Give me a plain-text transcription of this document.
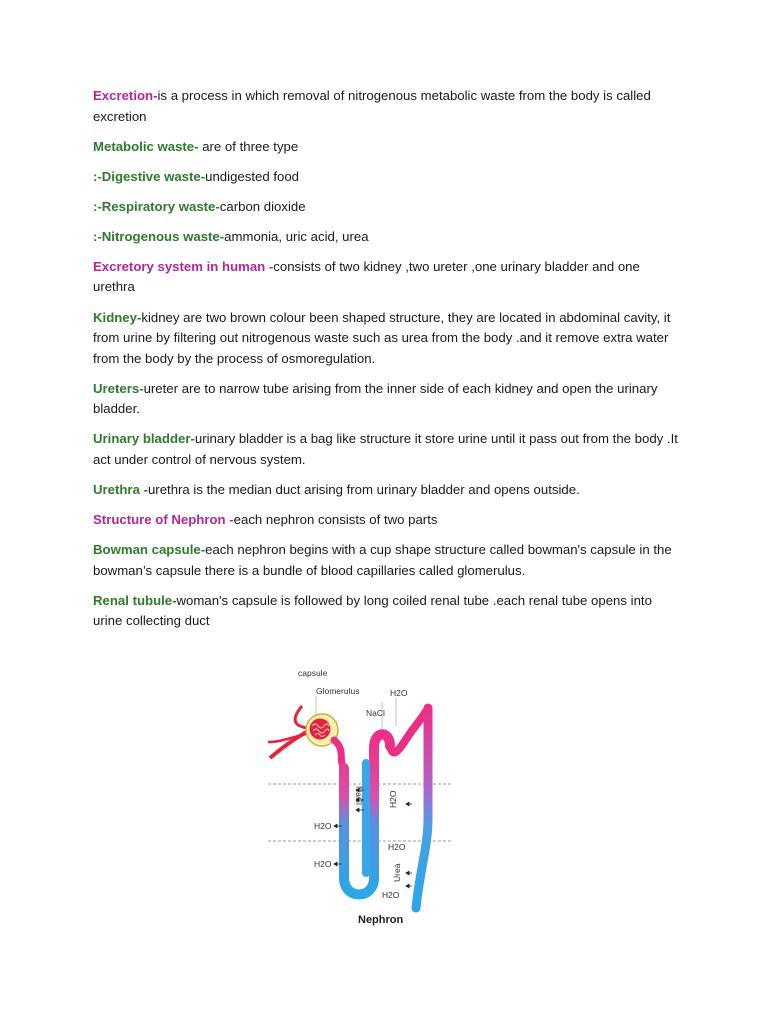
Excretion-is a process in which removal of nitrogenous metabolic waste from the body is called excretion

Metabolic waste- are of three type

:-Digestive waste-undigested food

:-Respiratory waste-carbon dioxide

:-Nitrogenous waste-ammonia, uric acid, urea

Excretory system in human -consists of two kidney ,two ureter ,one urinary bladder and one urethra

Kidney-kidney are two brown colour been shaped structure, they are located in abdominal cavity, it from urine by filtering out nitrogenous waste such as urea from the body .and it remove extra water from the body by the process of osmoregulation.

Ureters-ureter are to narrow tube arising from the inner side of each kidney and open the urinary bladder.

Urinary bladder-urinary bladder is a bag like structure it store urine until it pass out from the body .It act under control of nervous system.

Urethra -urethra is the median duct arising from urinary bladder and opens outside.

Structure of Nephron -each nephron consists of two parts

Bowman capsule-each nephron begins with a cup shape structure called bowman's capsule in the bowman’s capsule there is a bundle of blood capillaries called glomerulus.

Renal tubule-woman's capsule is followed by long coiled renal tube .each renal tube opens into urine collecting duct

capsule
Glomerulus	H2O
NaCl
NaCl	H2O
H2O
H2O
H2O
Urea
H2O
Nephron
